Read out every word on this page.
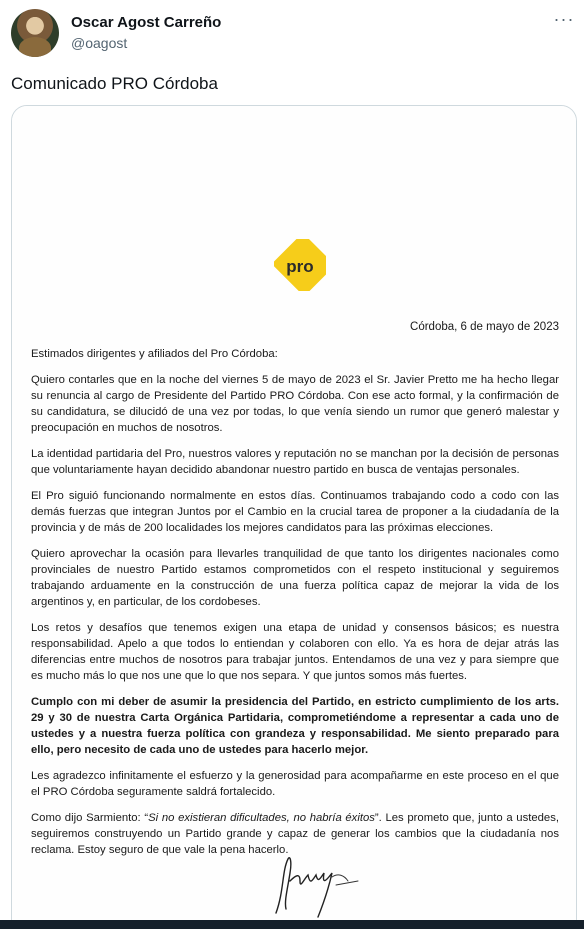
Oscar Agost Carreño
@oagost
···
Comunicado PRO Córdoba
pro
Córdoba, 6 de mayo de 2023

Estimados dirigentes y afiliados del Pro Córdoba:

Quiero contarles que en la noche del viernes 5 de mayo de 2023 el Sr. Javier Pretto me ha hecho llegar su renuncia al cargo de Presidente del Partido PRO Córdoba. Con ese acto formal, y la confirmación de su candidatura, se dilucidó de una vez por todas, lo que venía siendo un rumor que generó malestar y preocupación en muchos de nosotros.

La identidad partidaria del Pro, nuestros valores y reputación no se manchan por la decisión de personas que voluntariamente hayan decidido abandonar nuestro partido en busca de ventajas personales.

El Pro siguió funcionando normalmente en estos días. Continuamos trabajando codo a codo con las demás fuerzas que integran Juntos por el Cambio en la crucial tarea de proponer a la ciudadanía de la provincia y de más de 200 localidades los mejores candidatos para las próximas elecciones.

Quiero aprovechar la ocasión para llevarles tranquilidad de que tanto los dirigentes nacionales como provinciales de nuestro Partido estamos comprometidos con el respeto institucional y seguiremos trabajando arduamente en la construcción de una fuerza política capaz de mejorar la vida de los argentinos y, en particular, de los cordobeses.

Los retos y desafíos que tenemos exigen una etapa de unidad y consensos básicos; es nuestra responsabilidad. Apelo a que todos lo entiendan y colaboren con ello. Ya es hora de dejar atrás las diferencias entre muchos de nosotros para trabajar juntos. Entendamos de una vez y para siempre que es mucho más lo que nos une que lo que nos separa. Y que juntos somos más fuertes.

Cumplo con mi deber de asumir la presidencia del Partido, en estricto cumplimiento de los arts. 29 y 30 de nuestra Carta Orgánica Partidaria, comprometiéndome a representar a cada uno de ustedes y a nuestra fuerza política con grandeza y responsabilidad. Me siento preparado para ello, pero necesito de cada uno de ustedes para hacerlo mejor.

Les agradezco infinitamente el esfuerzo y la generosidad para acompañarme en este proceso en el que el PRO Córdoba seguramente saldrá fortalecido.

Como dijo Sarmiento: “Si no existieran dificultades, no habría éxitos”. Les prometo que, junto a ustedes, seguiremos construyendo un Partido grande y capaz de generar los cambios que la ciudadanía nos reclama. Estoy seguro de que vale la pena hacerlo.
